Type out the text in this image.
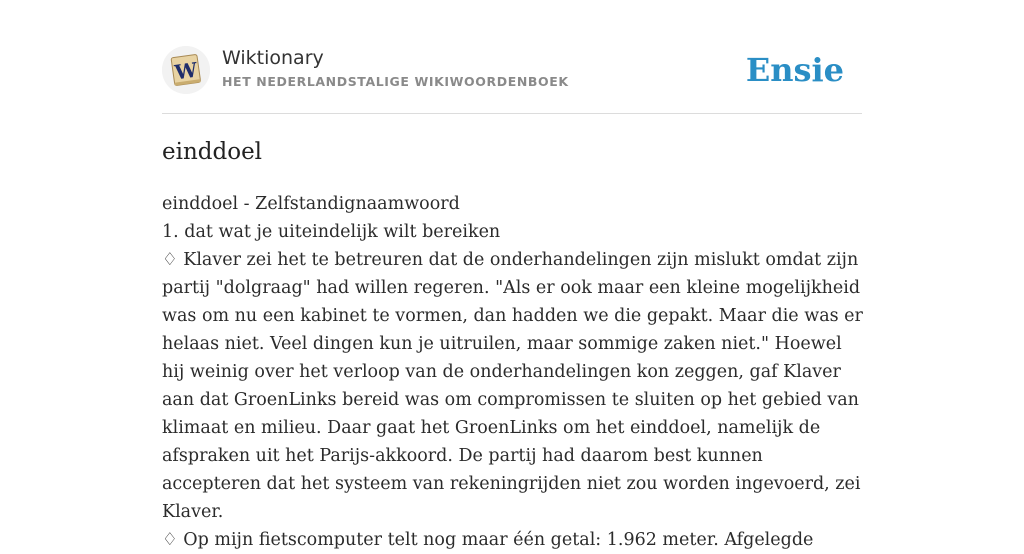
W Wiktionary
HET NEDERLANDSTALIGE WIKIWOORDENBOEK	Ensie
einddoel

einddoel - Zelfstandignaamwoord

1. dat wat je uiteindelijk wilt bereiken

♢ Klaver zei het te betreuren dat de onderhandelingen zijn mislukt omdat zijn partij "dolgraag" had willen regeren. "Als er ook maar een kleine mogelijkheid was om nu een kabinet te vormen, dan hadden we die gepakt. Maar die was er helaas niet. Veel dingen kun je uitruilen, maar sommige zaken niet." Hoewel hij weinig over het verloop van de onderhandelingen kon zeggen, gaf Klaver aan dat GroenLinks bereid was om compromissen te sluiten op het gebied van klimaat en milieu. Daar gaat het GroenLinks om het einddoel, namelijk de afspraken uit het Parijs-akkoord. De partij had daarom best kunnen accepteren dat het systeem van rekeningrijden niet zou worden ingevoerd, zei Klaver.

♢ Op mijn fietscomputer telt nog maar één getal: 1.962 meter. Afgelegde
